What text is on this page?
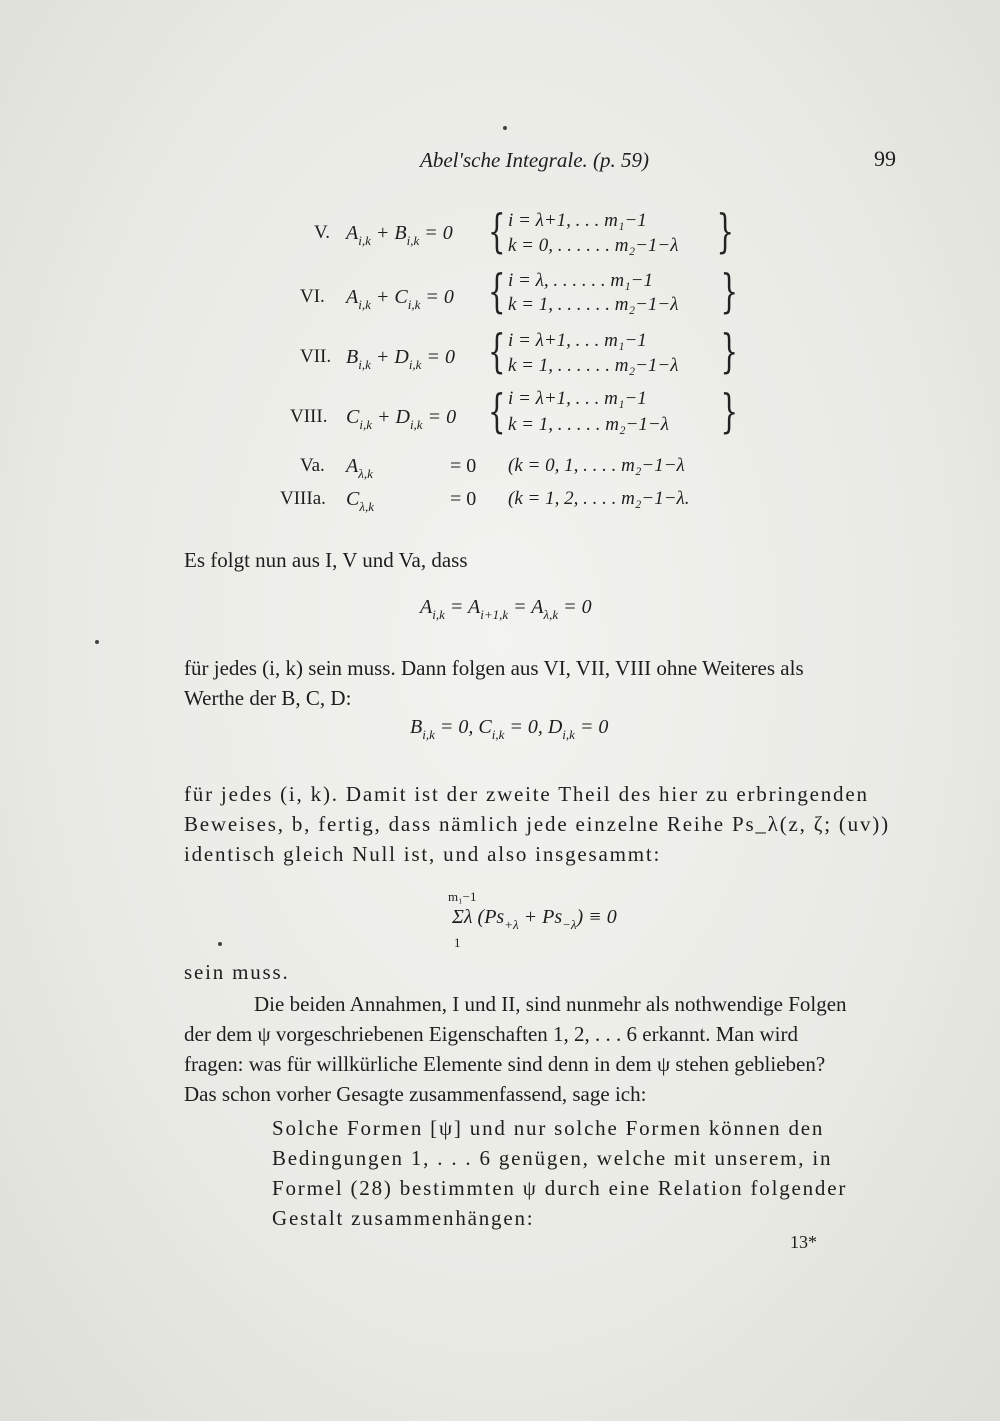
Abel'sche Integrale. (p. 59)	99
V. $A_{i,k} + B_{i,k} = 0$ { i = λ+1, . . . m₁−1
k = 0, . . . . . . m₂−1−λ {
VI. $A_{i,k} + C_{i,k} = 0$ { i = λ, . . . . . . m₁−1
k = 1, . . . . . . m₂−1−λ {
VII. $B_{i,k} + D_{i,k} = 0$ { i = λ+1, . . . m₁−1
k = 1, . . . . . . m₂−1−λ {
VIII. $C_{i,k} + D_{i,k} = 0$ { i = λ+1, . . . m₁−1
k = 1, . . . . . m₂−1−λ {
Va. $A_{\lambda,k}$	= 0 (k = 0, 1, . . . . m₂−1−λ
VIIIa. $C_{\lambda,k}$	= 0 (k = 1, 2, . . . . m₂−1−λ.
Es folgt nun aus I, V und Va, dass
$A_{i,k} = A_{i+1,k} = A_{\lambda,k} = 0$
für jedes (i, k) sein muss. Dann folgen aus VI, VII, VIII ohne Weiteres als
Werthe der B, C, D:
$B_{i,k} = 0$, $C_{i,k} = 0$, $D_{i,k} = 0$
für jedes (i, k). Damit ist der zweite Theil des hier zu erbringenden
Beweises, b, fertig, dass nämlich jede einzelne Reihe Ps_λ(z, ζ; (uv))
identisch gleich Null ist, und also insgesammt:
m₁−1
Σλ $(Ps_{+\lambda} + Ps_{-\lambda}) \equiv 0$
1
sein muss.
Die beiden Annahmen, I und II, sind nunmehr als nothwendige Folgen
der dem ψ vorgeschriebenen Eigenschaften 1, 2, . . . 6 erkannt. Man wird
fragen: was für willkürliche Elemente sind denn in dem ψ stehen geblieben?
Das schon vorher Gesagte zusammenfassend, sage ich:
Solche Formen [ψ] und nur solche Formen können den
Bedingungen 1, . . . 6 genügen, welche mit unserem, in
Formel (28) bestimmten ψ durch eine Relation folgender
Gestalt zusammenhängen:
13*
